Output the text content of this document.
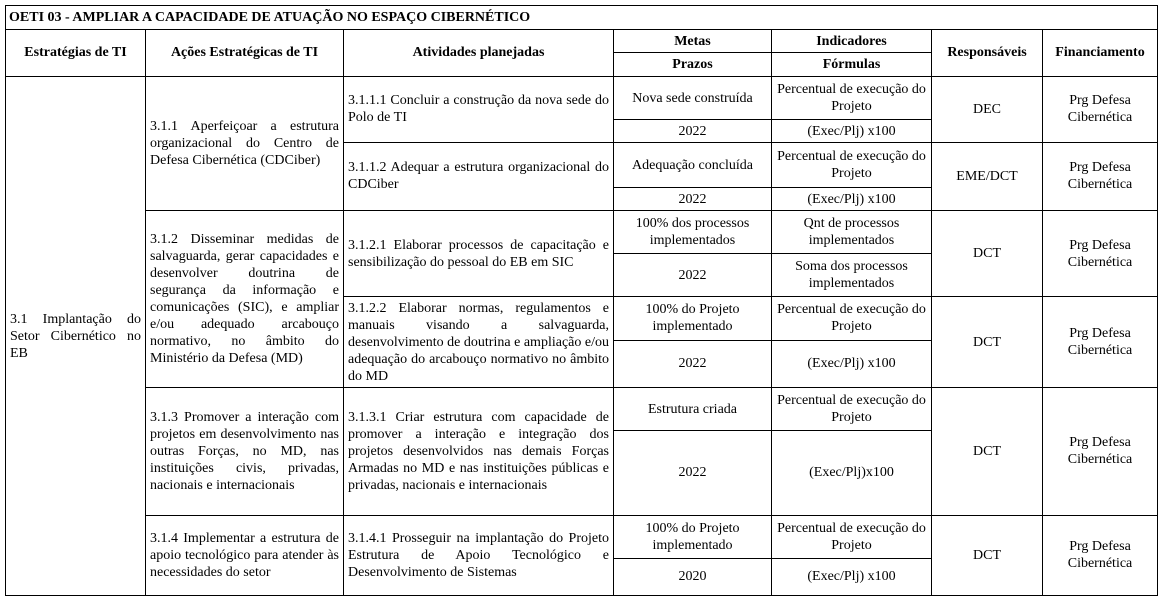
OETI 03 - AMPLIAR A CAPACIDADE DE ATUAÇÃO NO ESPAÇO CIBERNÉTICO						
Estratégias de TI	Ações Estratégicas de TI	Atividades planejadas	Metas	Indicadores	Responsáveis	Financiamento
			Prazos	Fórmulas		
3.1 Implantação do Setor Cibernético no EB	3.1.1 Aperfeiçoar a estrutura organizacional do Centro de Defesa Cibernética (CDCiber)	3.1.1.1 Concluir a construção da nova sede do Polo de TI	Nova sede construída	Percentual de execução do Projeto	DEC	Prg Defesa Cibernética
			2022	(Exec/Plj) x100		
		3.1.1.2 Adequar a estrutura organizacional do CDCiber	Adequação concluída	Percentual de execução do Projeto	EME/DCT	Prg Defesa Cibernética
			2022	(Exec/Plj) x100		
	3.1.2 Disseminar medidas de salvaguarda, gerar capacidades e desenvolver doutrina de segurança da informação e comunicações (SIC), e ampliar e/ou adequado arcabouço normativo, no âmbito do Ministério da Defesa (MD)	3.1.2.1 Elaborar processos de capacitação e sensibilização do pessoal do EB em SIC	100% dos processos implementados	Qnt de processos implementados	DCT	Prg Defesa Cibernética
			2022	Soma dos processos implementados		
		3.1.2.2 Elaborar normas, regulamentos e manuais visando a salvaguarda, desenvolvimento de doutrina e ampliação e/ou adequação do arcabouço normativo no âmbito do MD	100% do Projeto implementado	Percentual de execução do Projeto	DCT	Prg Defesa Cibernética
			2022	(Exec/Plj) x100		
	3.1.3 Promover a interação com projetos em desenvolvimento nas outras Forças, no MD, nas instituições civis, privadas, nacionais e internacionais	3.1.3.1 Criar estrutura com capacidade de promover a interação e integração dos projetos desenvolvidos nas demais Forças Armadas no MD e nas instituições públicas e privadas, nacionais e internacionais	Estrutura criada	Percentual de execução do Projeto	DCT	Prg Defesa Cibernética
			2022	(Exec/Plj)x100		
	3.1.4 Implementar a estrutura de apoio tecnológico para atender às necessidades do setor	3.1.4.1 Prosseguir na implantação do Projeto Estrutura de Apoio Tecnológico e Desenvolvimento de Sistemas	100% do Projeto implementado	Percentual de execução do Projeto	DCT	Prg Defesa Cibernética
			2020	(Exec/Plj) x100		
